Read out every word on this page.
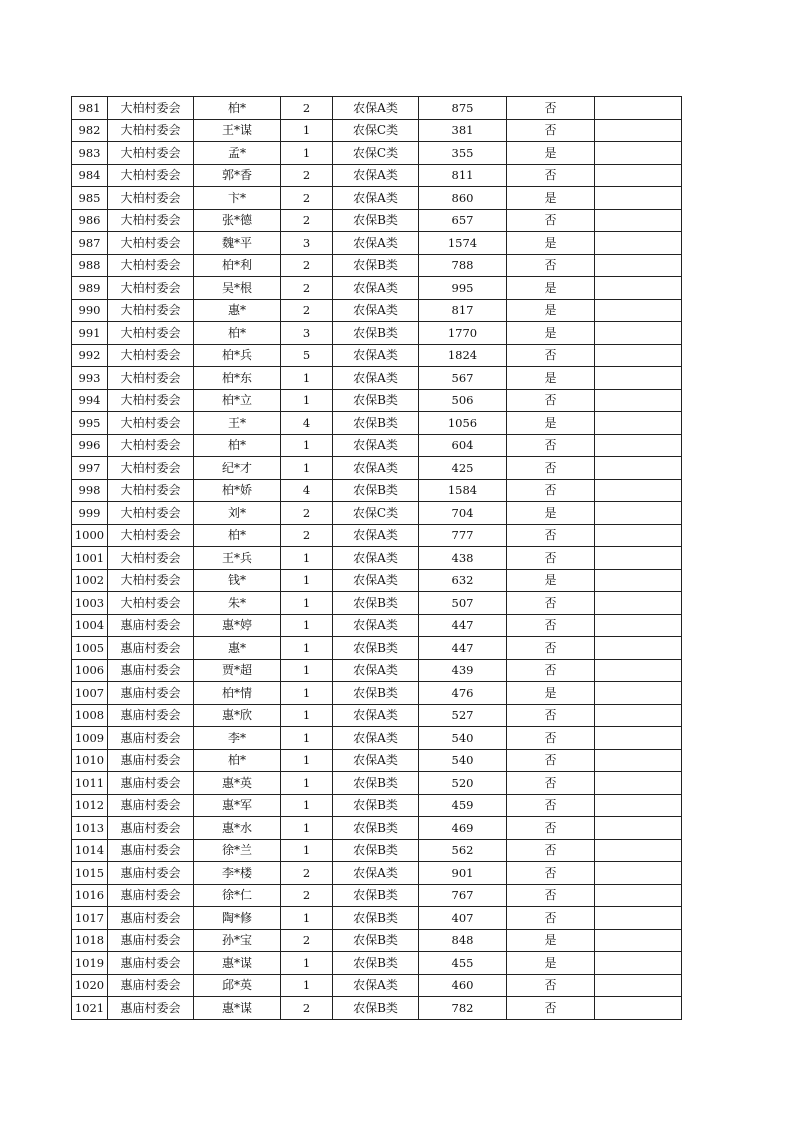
981	大柏村委会	柏*	2	农保A类	875	否	
982	大柏村委会	王*谋	1	农保C类	381	否	
983	大柏村委会	孟*	1	农保C类	355	是	
984	大柏村委会	郭*香	2	农保A类	811	否	
985	大柏村委会	卞*	2	农保A类	860	是	
986	大柏村委会	张*德	2	农保B类	657	否	
987	大柏村委会	魏*平	3	农保A类	1574	是	
988	大柏村委会	柏*利	2	农保B类	788	否	
989	大柏村委会	吴*根	2	农保A类	995	是	
990	大柏村委会	惠*	2	农保A类	817	是	
991	大柏村委会	柏*	3	农保B类	1770	是	
992	大柏村委会	柏*兵	5	农保A类	1824	否	
993	大柏村委会	柏*东	1	农保A类	567	是	
994	大柏村委会	柏*立	1	农保B类	506	否	
995	大柏村委会	王*	4	农保B类	1056	是	
996	大柏村委会	柏*	1	农保A类	604	否	
997	大柏村委会	纪*才	1	农保A类	425	否	
998	大柏村委会	柏*娇	4	农保B类	1584	否	
999	大柏村委会	刘*	2	农保C类	704	是	
1000	大柏村委会	柏*	2	农保A类	777	否	
1001	大柏村委会	王*兵	1	农保A类	438	否	
1002	大柏村委会	钱*	1	农保A类	632	是	
1003	大柏村委会	朱*	1	农保B类	507	否	
1004	惠庙村委会	惠*婷	1	农保A类	447	否	
1005	惠庙村委会	惠*	1	农保B类	447	否	
1006	惠庙村委会	贾*超	1	农保A类	439	否	
1007	惠庙村委会	柏*情	1	农保B类	476	是	
1008	惠庙村委会	惠*欣	1	农保A类	527	否	
1009	惠庙村委会	李*	1	农保A类	540	否	
1010	惠庙村委会	柏*	1	农保A类	540	否	
1011	惠庙村委会	惠*英	1	农保B类	520	否	
1012	惠庙村委会	惠*军	1	农保B类	459	否	
1013	惠庙村委会	惠*水	1	农保B类	469	否	
1014	惠庙村委会	徐*兰	1	农保B类	562	否	
1015	惠庙村委会	李*楼	2	农保A类	901	否	
1016	惠庙村委会	徐*仁	2	农保B类	767	否	
1017	惠庙村委会	陶*修	1	农保B类	407	否	
1018	惠庙村委会	孙*宝	2	农保B类	848	是	
1019	惠庙村委会	惠*谋	1	农保B类	455	是	
1020	惠庙村委会	邱*英	1	农保A类	460	否	
1021	惠庙村委会	惠*谋	2	农保B类	782	否	
